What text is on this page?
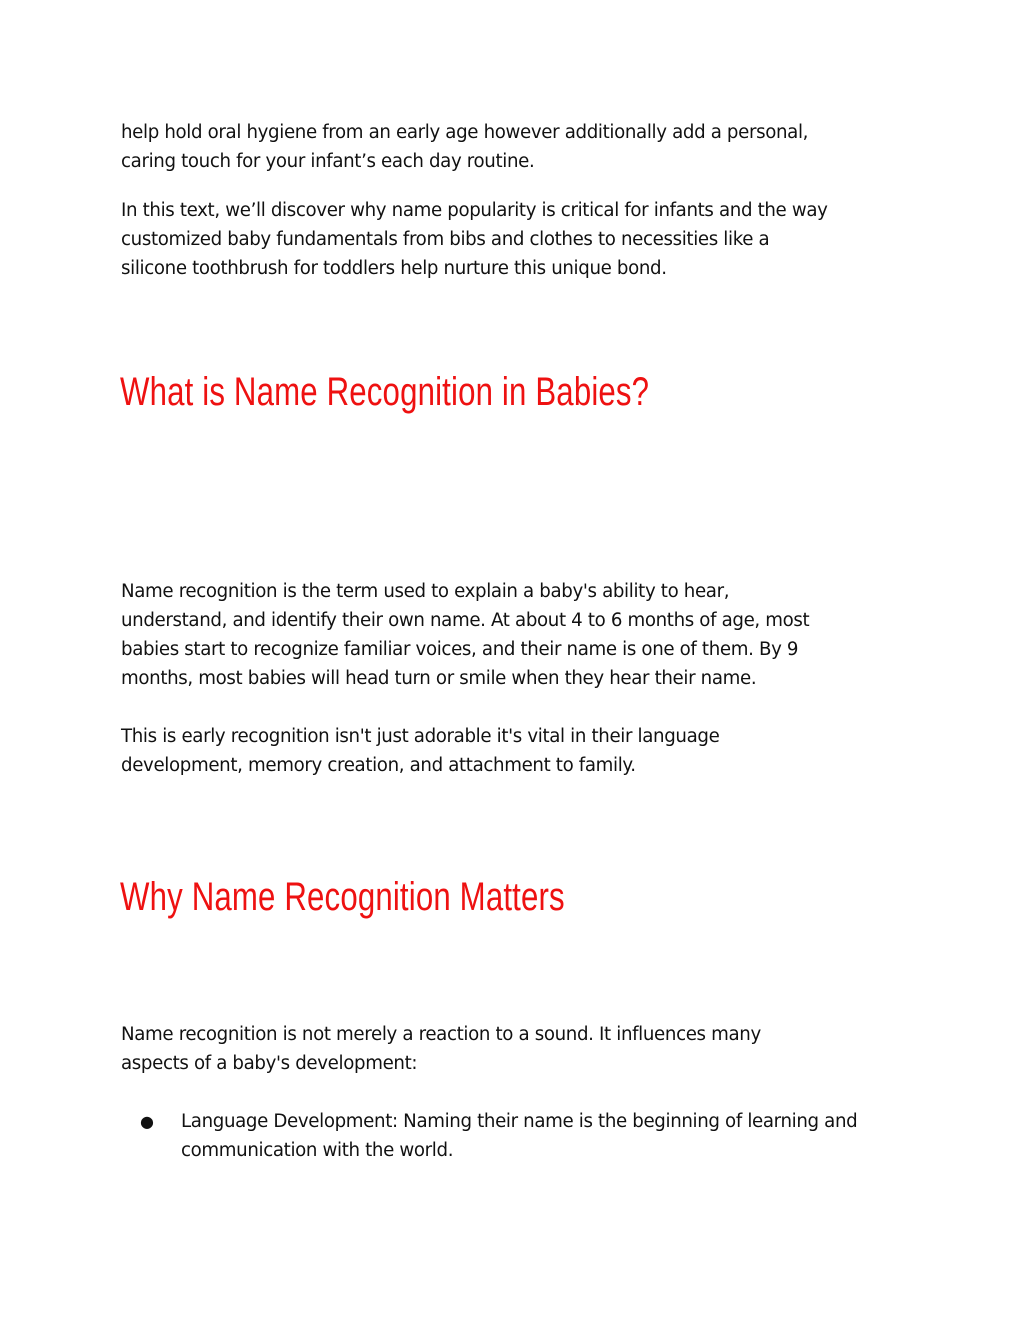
help hold oral hygiene from an early age however additionally add a personal,
caring touch for your infant’s each day routine.

In this text, we’ll discover why name popularity is critical for infants and the way
customized baby fundamentals from bibs and clothes to necessities like a
silicone toothbrush for toddlers help nurture this unique bond.

What is Name Recognition in Babies?

Name recognition is the term used to explain a baby's ability to hear,
understand, and identify their own name. At about 4 to 6 months of age, most
babies start to recognize familiar voices, and their name is one of them. By 9
months, most babies will head turn or smile when they hear their name.

This is early recognition isn't just adorable it's vital in their language
development, memory creation, and attachment to family.

Why Name Recognition Matters

Name recognition is not merely a reaction to a sound. It influences many
aspects of a baby's development:

● Language Development: Naming their name is the beginning of learning and communication with the world.
